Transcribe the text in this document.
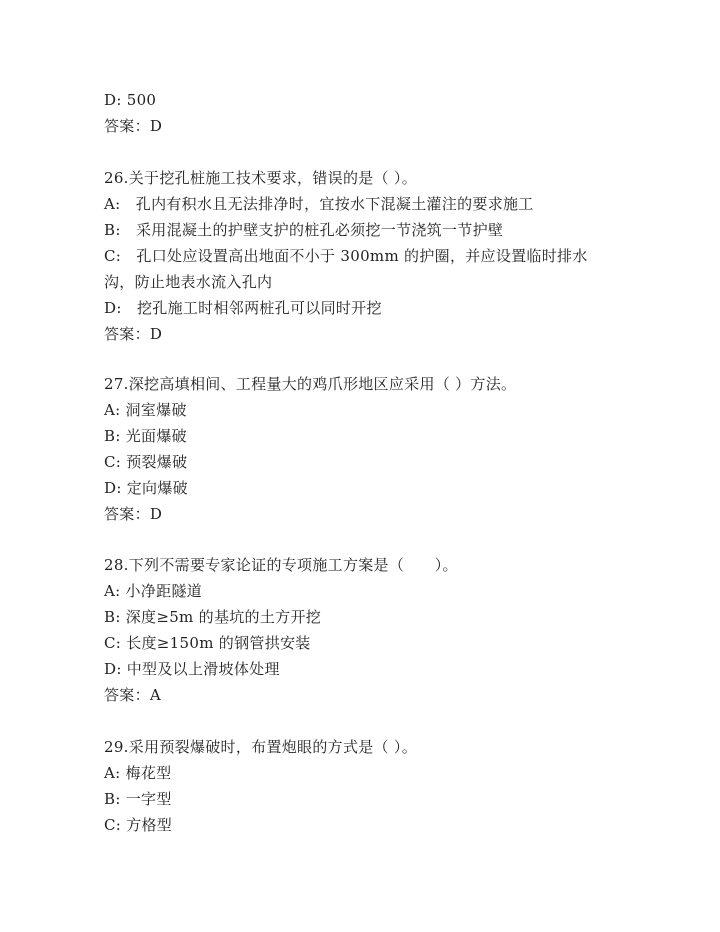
D: 500
答案：D
26.关于挖孔桩施工技术要求，错误的是（ ）。
A:　孔内有积水且无法排净时，宜按水下混凝土灌注的要求施工
B:　采用混凝土的护壁支护的桩孔必须挖一节浇筑一节护壁
C:　孔口处应设置高出地面不小于 300mm 的护圈，并应设置临时排水
沟，防止地表水流入孔内
D:　挖孔施工时相邻两桩孔可以同时开挖
答案：D
27.深挖高填相间、工程量大的鸡爪形地区应采用（ ）方法。
A: 洞室爆破
B: 光面爆破
C: 预裂爆破
D: 定向爆破
答案：D
28.下列不需要专家论证的专项施工方案是（　　）。
A: 小净距隧道
B: 深度≥5m 的基坑的土方开挖
C: 长度≥150m 的钢管拱安装
D: 中型及以上滑坡体处理
答案：A
29.采用预裂爆破时，布置炮眼的方式是（ ）。
A: 梅花型
B: 一字型
C: 方格型
